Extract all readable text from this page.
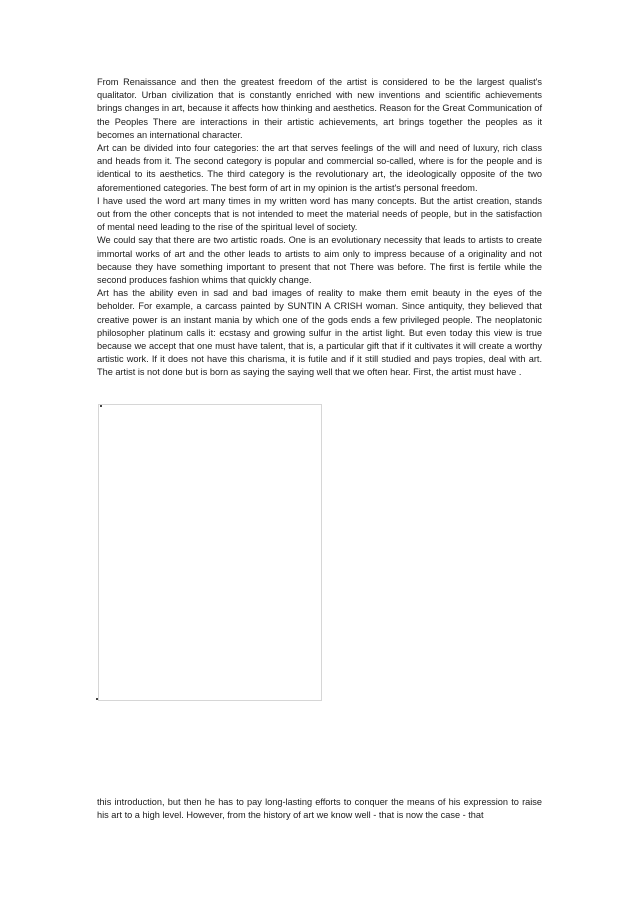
From Renaissance and then the greatest freedom of the artist is considered to be the largest qualist's qualitator. Urban civilization that is constantly enriched with new inventions and scientific achievements brings changes in art, because it affects how thinking and aesthetics. Reason for the Great Communication of the Peoples There are interactions in their artistic achievements, art brings together the peoples as it becomes an international character.

Art can be divided into four categories: the art that serves feelings of the will and need of luxury, rich class and heads from it. The second category is popular and commercial so-called, where is for the people and is identical to its aesthetics. The third category is the revolutionary art, the ideologically opposite of the two aforementioned categories. The best form of art in my opinion is the artist's personal freedom.

I have used the word art many times in my written word has many concepts. But the artist creation, stands out from the other concepts that is not intended to meet the material needs of people, but in the satisfaction of mental need leading to the rise of the spiritual level of society.

We could say that there are two artistic roads. One is an evolutionary necessity that leads to artists to create immortal works of art and the other leads to artists to aim only to impress because of a originality and not because they have something important to present that not There was before. The first is fertile while the second produces fashion whims that quickly change.

Art has the ability even in sad and bad images of reality to make them emit beauty in the eyes of the beholder. For example, a carcass painted by SUNTIN A CRISH woman. Since antiquity, they believed that creative power is an instant mania by which one of the gods ends a few privileged people. The neoplatonic philosopher platinum calls it: ecstasy and growing sulfur in the artist light. But even today this view is true because we accept that one must have talent, that is, a particular gift that if it cultivates it will create a worthy artistic work. If it does not have this charisma, it is futile and if it still studied and pays tropies, deal with art. The artist is not done but is born as saying the saying well that we often hear. First, the artist must have .

this introduction, but then he has to pay long-lasting efforts to conquer the means of his expression to raise his art to a high level. However, from the history of art we know well - that is now the case - that
